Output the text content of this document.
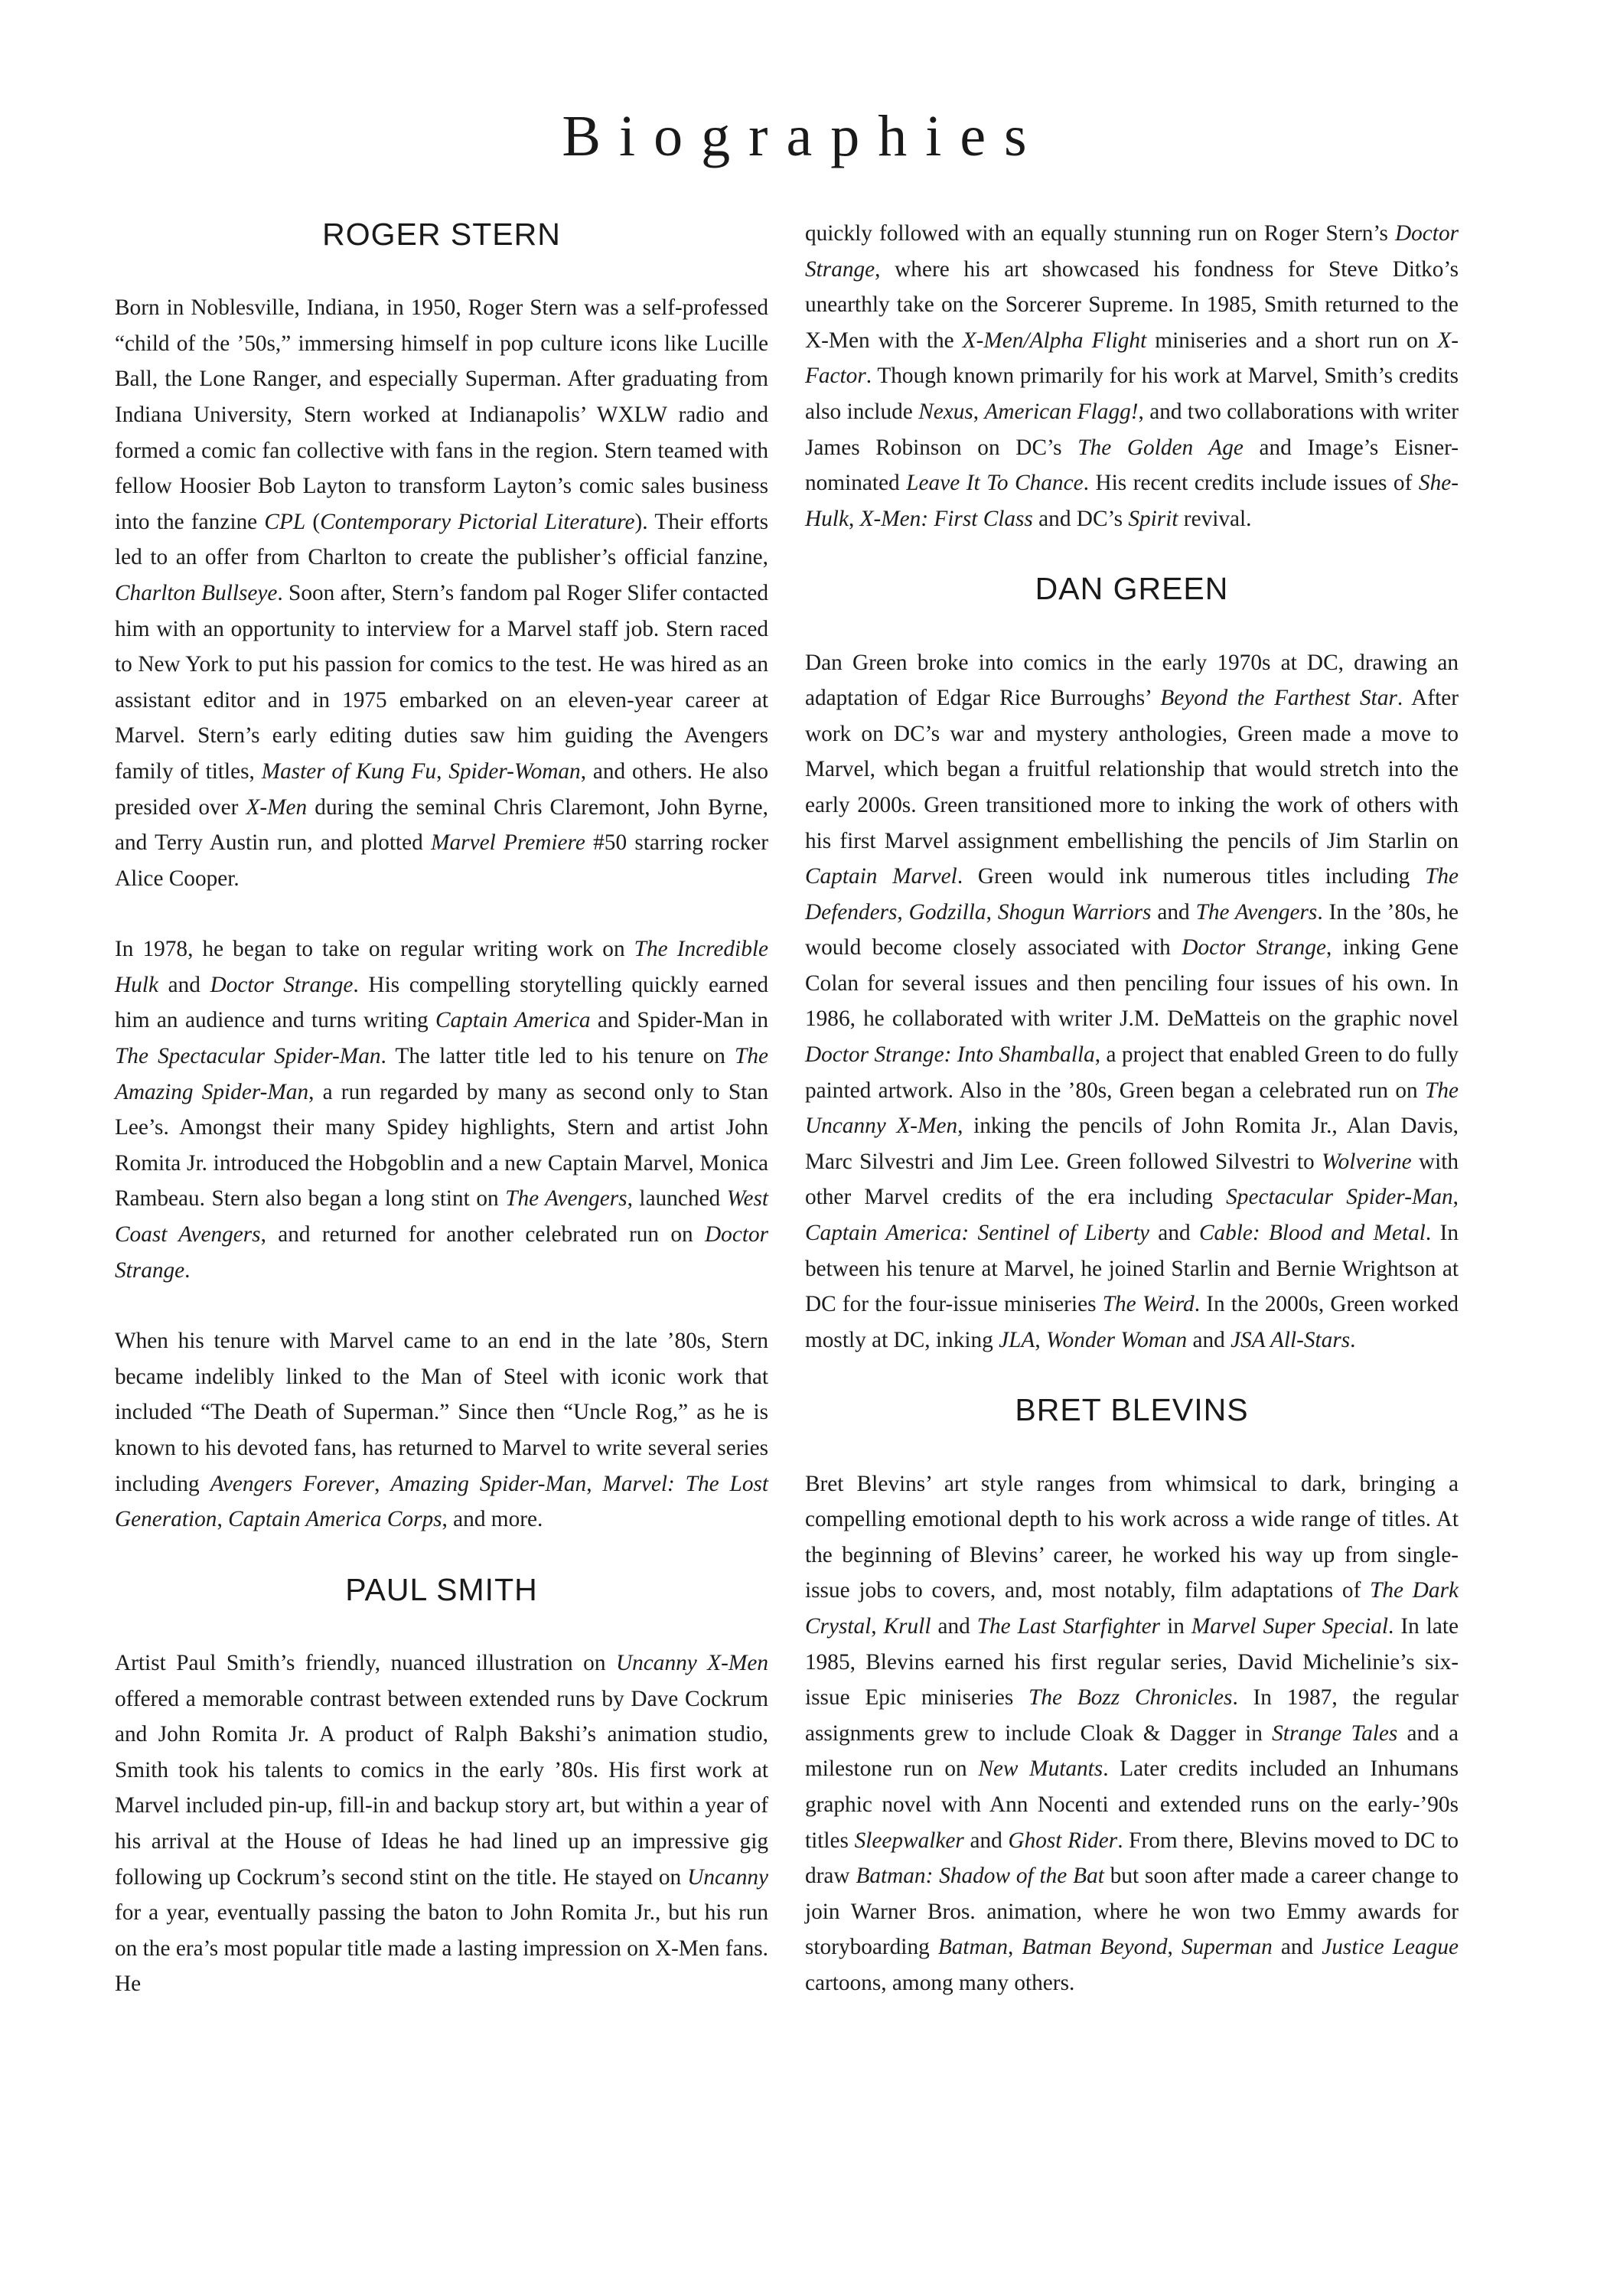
Biographies
ROGER STERN

Born in Noblesville, Indiana, in 1950, Roger Stern was a self-professed “child of the ’50s,” immersing himself in pop culture icons like Lucille Ball, the Lone Ranger, and especially Superman. After graduating from Indiana University, Stern worked at Indianapolis’ WXLW radio and formed a comic fan collective with fans in the region. Stern teamed with fellow Hoosier Bob Layton to transform Layton’s comic sales business into the fanzine CPL (Contemporary Pictorial Literature). Their efforts led to an offer from Charlton to create the publisher’s official fanzine, Charlton Bullseye. Soon after, Stern’s fandom pal Roger Slifer contacted him with an opportunity to interview for a Marvel staff job. Stern raced to New York to put his passion for comics to the test. He was hired as an assistant editor and in 1975 embarked on an eleven-year career at Marvel. Stern’s early editing duties saw him guiding the Avengers family of titles, Master of Kung Fu, Spider-Woman, and others. He also presided over X-Men during the seminal Chris Claremont, John Byrne, and Terry Austin run, and plotted Marvel Premiere #50 starring rocker Alice Cooper.

In 1978, he began to take on regular writing work on The Incredible Hulk and Doctor Strange. His compelling storytelling quickly earned him an audience and turns writing Captain America and Spider-Man in The Spectacular Spider-Man. The latter title led to his tenure on The Amazing Spider-Man, a run regarded by many as second only to Stan Lee’s. Amongst their many Spidey highlights, Stern and artist John Romita Jr. introduced the Hobgoblin and a new Captain Marvel, Monica Rambeau. Stern also began a long stint on The Avengers, launched West Coast Avengers, and returned for another celebrated run on Doctor Strange.

When his tenure with Marvel came to an end in the late ’80s, Stern became indelibly linked to the Man of Steel with iconic work that included “The Death of Superman.” Since then “Uncle Rog,” as he is known to his devoted fans, has returned to Marvel to write several series including Avengers Forever, Amazing Spider-Man, Marvel: The Lost Generation, Captain America Corps, and more.

PAUL SMITH

Artist Paul Smith’s friendly, nuanced illustration on Uncanny X-Men offered a memorable contrast between extended runs by Dave Cockrum and John Romita Jr. A product of Ralph Bakshi’s animation studio, Smith took his talents to comics in the early ’80s. His first work at Marvel included pin-up, fill-in and backup story art, but within a year of his arrival at the House of Ideas he had lined up an impressive gig following up Cockrum’s second stint on the title. He stayed on Uncanny for a year, eventually passing the baton to John Romita Jr., but his run on the era’s most popular title made a lasting impression on X-Men fans. He

quickly followed with an equally stunning run on Roger Stern’s Doctor Strange, where his art showcased his fondness for Steve Ditko’s unearthly take on the Sorcerer Supreme. In 1985, Smith returned to the X-Men with the X-Men/Alpha Flight miniseries and a short run on X-Factor. Though known primarily for his work at Marvel, Smith’s credits also include Nexus, American Flagg!, and two collaborations with writer James Robinson on DC’s The Golden Age and Image’s Eisner-nominated Leave It To Chance. His recent credits include issues of She-Hulk, X-Men: First Class and DC’s Spirit revival.

DAN GREEN

Dan Green broke into comics in the early 1970s at DC, drawing an adaptation of Edgar Rice Burroughs’ Beyond the Farthest Star. After work on DC’s war and mystery anthologies, Green made a move to Marvel, which began a fruitful relationship that would stretch into the early 2000s. Green transitioned more to inking the work of others with his first Marvel assignment embellishing the pencils of Jim Starlin on Captain Marvel. Green would ink numerous titles including The Defenders, Godzilla, Shogun Warriors and The Avengers. In the ’80s, he would become closely associated with Doctor Strange, inking Gene Colan for several issues and then penciling four issues of his own. In 1986, he collaborated with writer J.M. DeMatteis on the graphic novel Doctor Strange: Into Shamballa, a project that enabled Green to do fully painted artwork. Also in the ’80s, Green began a celebrated run on The Uncanny X-Men, inking the pencils of John Romita Jr., Alan Davis, Marc Silvestri and Jim Lee. Green followed Silvestri to Wolverine with other Marvel credits of the era including Spectacular Spider-Man, Captain America: Sentinel of Liberty and Cable: Blood and Metal. In between his tenure at Marvel, he joined Starlin and Bernie Wrightson at DC for the four-issue miniseries The Weird. In the 2000s, Green worked mostly at DC, inking JLA, Wonder Woman and JSA All-Stars.

BRET BLEVINS

Bret Blevins’ art style ranges from whimsical to dark, bringing a compelling emotional depth to his work across a wide range of titles. At the beginning of Blevins’ career, he worked his way up from single-issue jobs to covers, and, most notably, film adaptations of The Dark Crystal, Krull and The Last Starfighter in Marvel Super Special. In late 1985, Blevins earned his first regular series, David Michelinie’s six-issue Epic miniseries The Bozz Chronicles. In 1987, the regular assignments grew to include Cloak & Dagger in Strange Tales and a milestone run on New Mutants. Later credits included an Inhumans graphic novel with Ann Nocenti and extended runs on the early-’90s titles Sleepwalker and Ghost Rider. From there, Blevins moved to DC to draw Batman: Shadow of the Bat but soon after made a career change to join Warner Bros. animation, where he won two Emmy awards for storyboarding Batman, Batman Beyond, Superman and Justice League cartoons, among many others.
